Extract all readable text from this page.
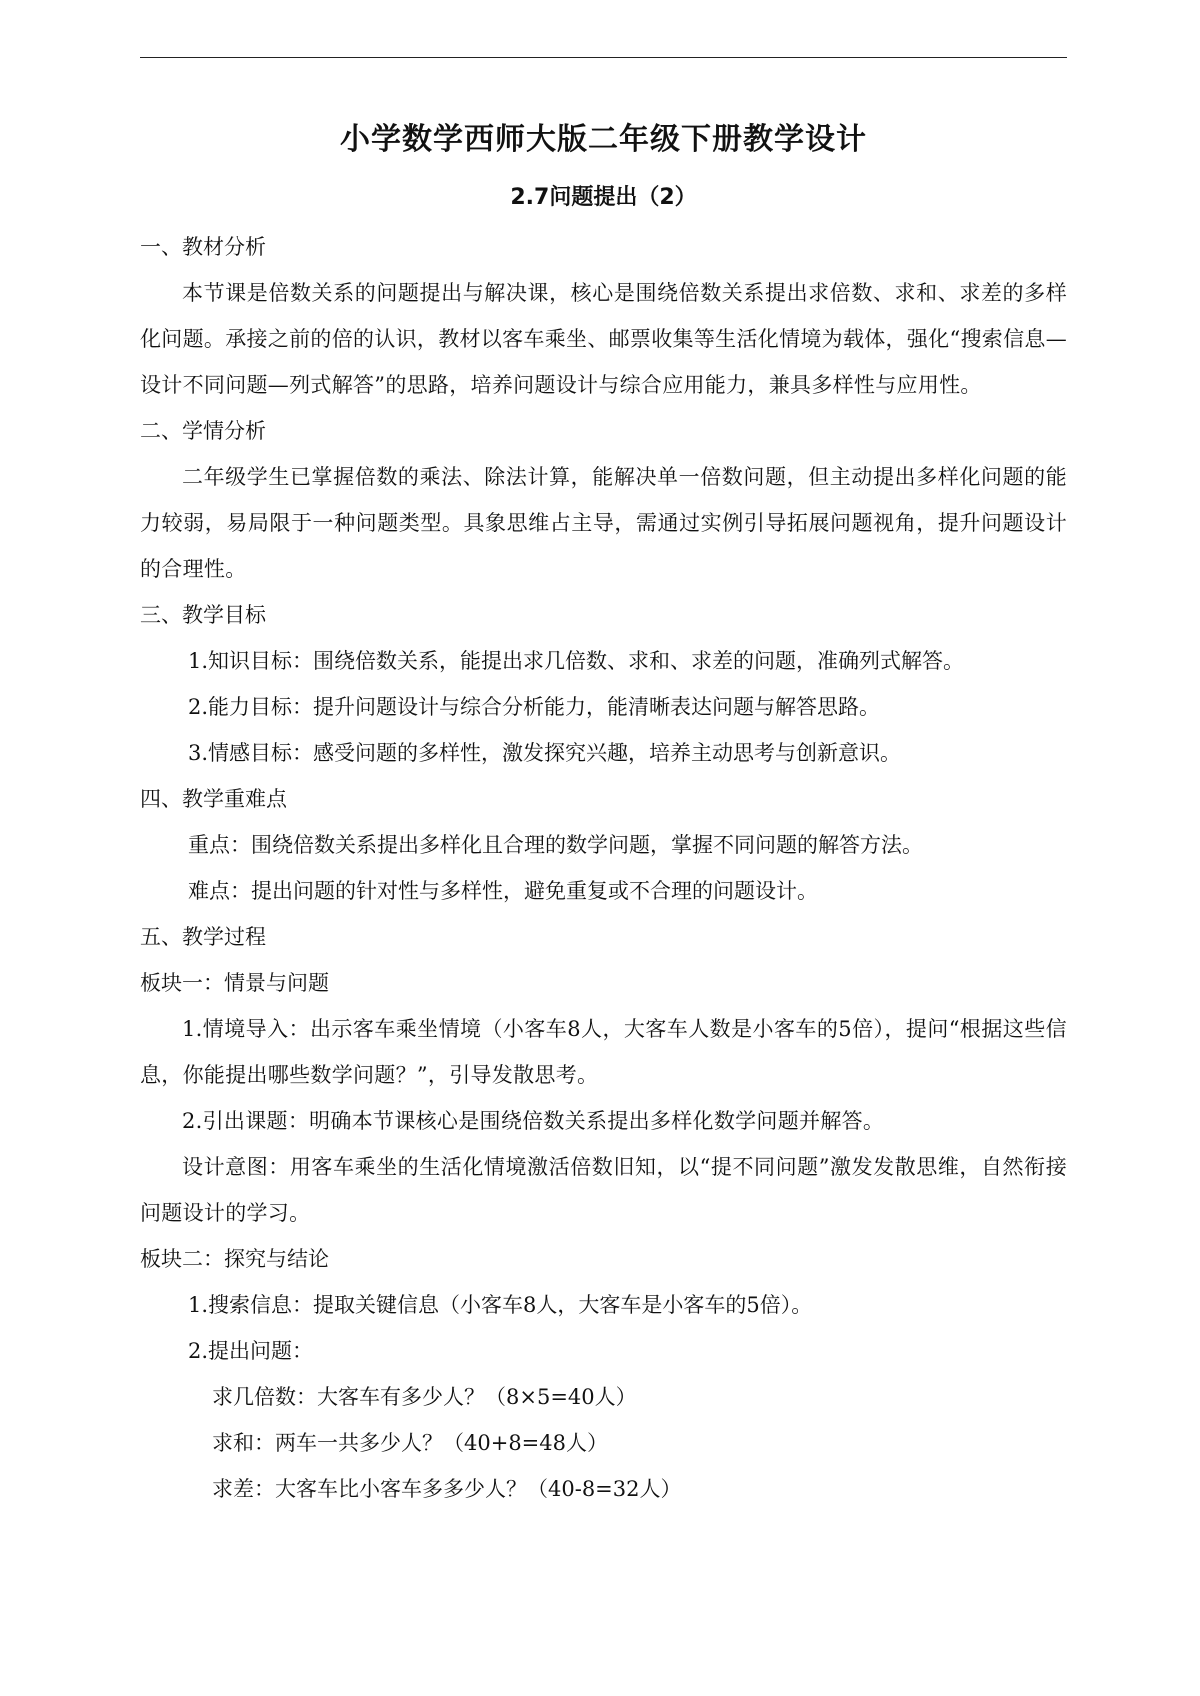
小学数学西师大版二年级下册教学设计
2.7问题提出（2）
一、教材分析
本节课是倍数关系的问题提出与解决课，核心是围绕倍数关系提出求倍数、求和、求差的多样化问题。承接之前的倍的认识，教材以客车乘坐、邮票收集等生活化情境为载体，强化“搜索信息—设计不同问题—列式解答”的思路，培养问题设计与综合应用能力，兼具多样性与应用性。
二、学情分析
二年级学生已掌握倍数的乘法、除法计算，能解决单一倍数问题，但主动提出多样化问题的能力较弱，易局限于一种问题类型。具象思维占主导，需通过实例引导拓展问题视角，提升问题设计的合理性。
三、教学目标
1.知识目标：围绕倍数关系，能提出求几倍数、求和、求差的问题，准确列式解答。
2.能力目标：提升问题设计与综合分析能力，能清晰表达问题与解答思路。
3.情感目标：感受问题的多样性，激发探究兴趣，培养主动思考与创新意识。
四、教学重难点
重点：围绕倍数关系提出多样化且合理的数学问题，掌握不同问题的解答方法。
难点：提出问题的针对性与多样性，避免重复或不合理的问题设计。
五、教学过程
板块一：情景与问题
1.情境导入：出示客车乘坐情境（小客车8人，大客车人数是小客车的5倍），提问“根据这些信息，你能提出哪些数学问题？”，引导发散思考。
2.引出课题：明确本节课核心是围绕倍数关系提出多样化数学问题并解答。
设计意图：用客车乘坐的生活化情境激活倍数旧知，以“提不同问题”激发发散思维，自然衔接问题设计的学习。
板块二：探究与结论
1.搜索信息：提取关键信息（小客车8人，大客车是小客车的5倍）。
2.提出问题：
求几倍数：大客车有多少人？（8×5=40人）
求和：两车一共多少人？（40+8=48人）
求差：大客车比小客车多多少人？（40-8=32人）
